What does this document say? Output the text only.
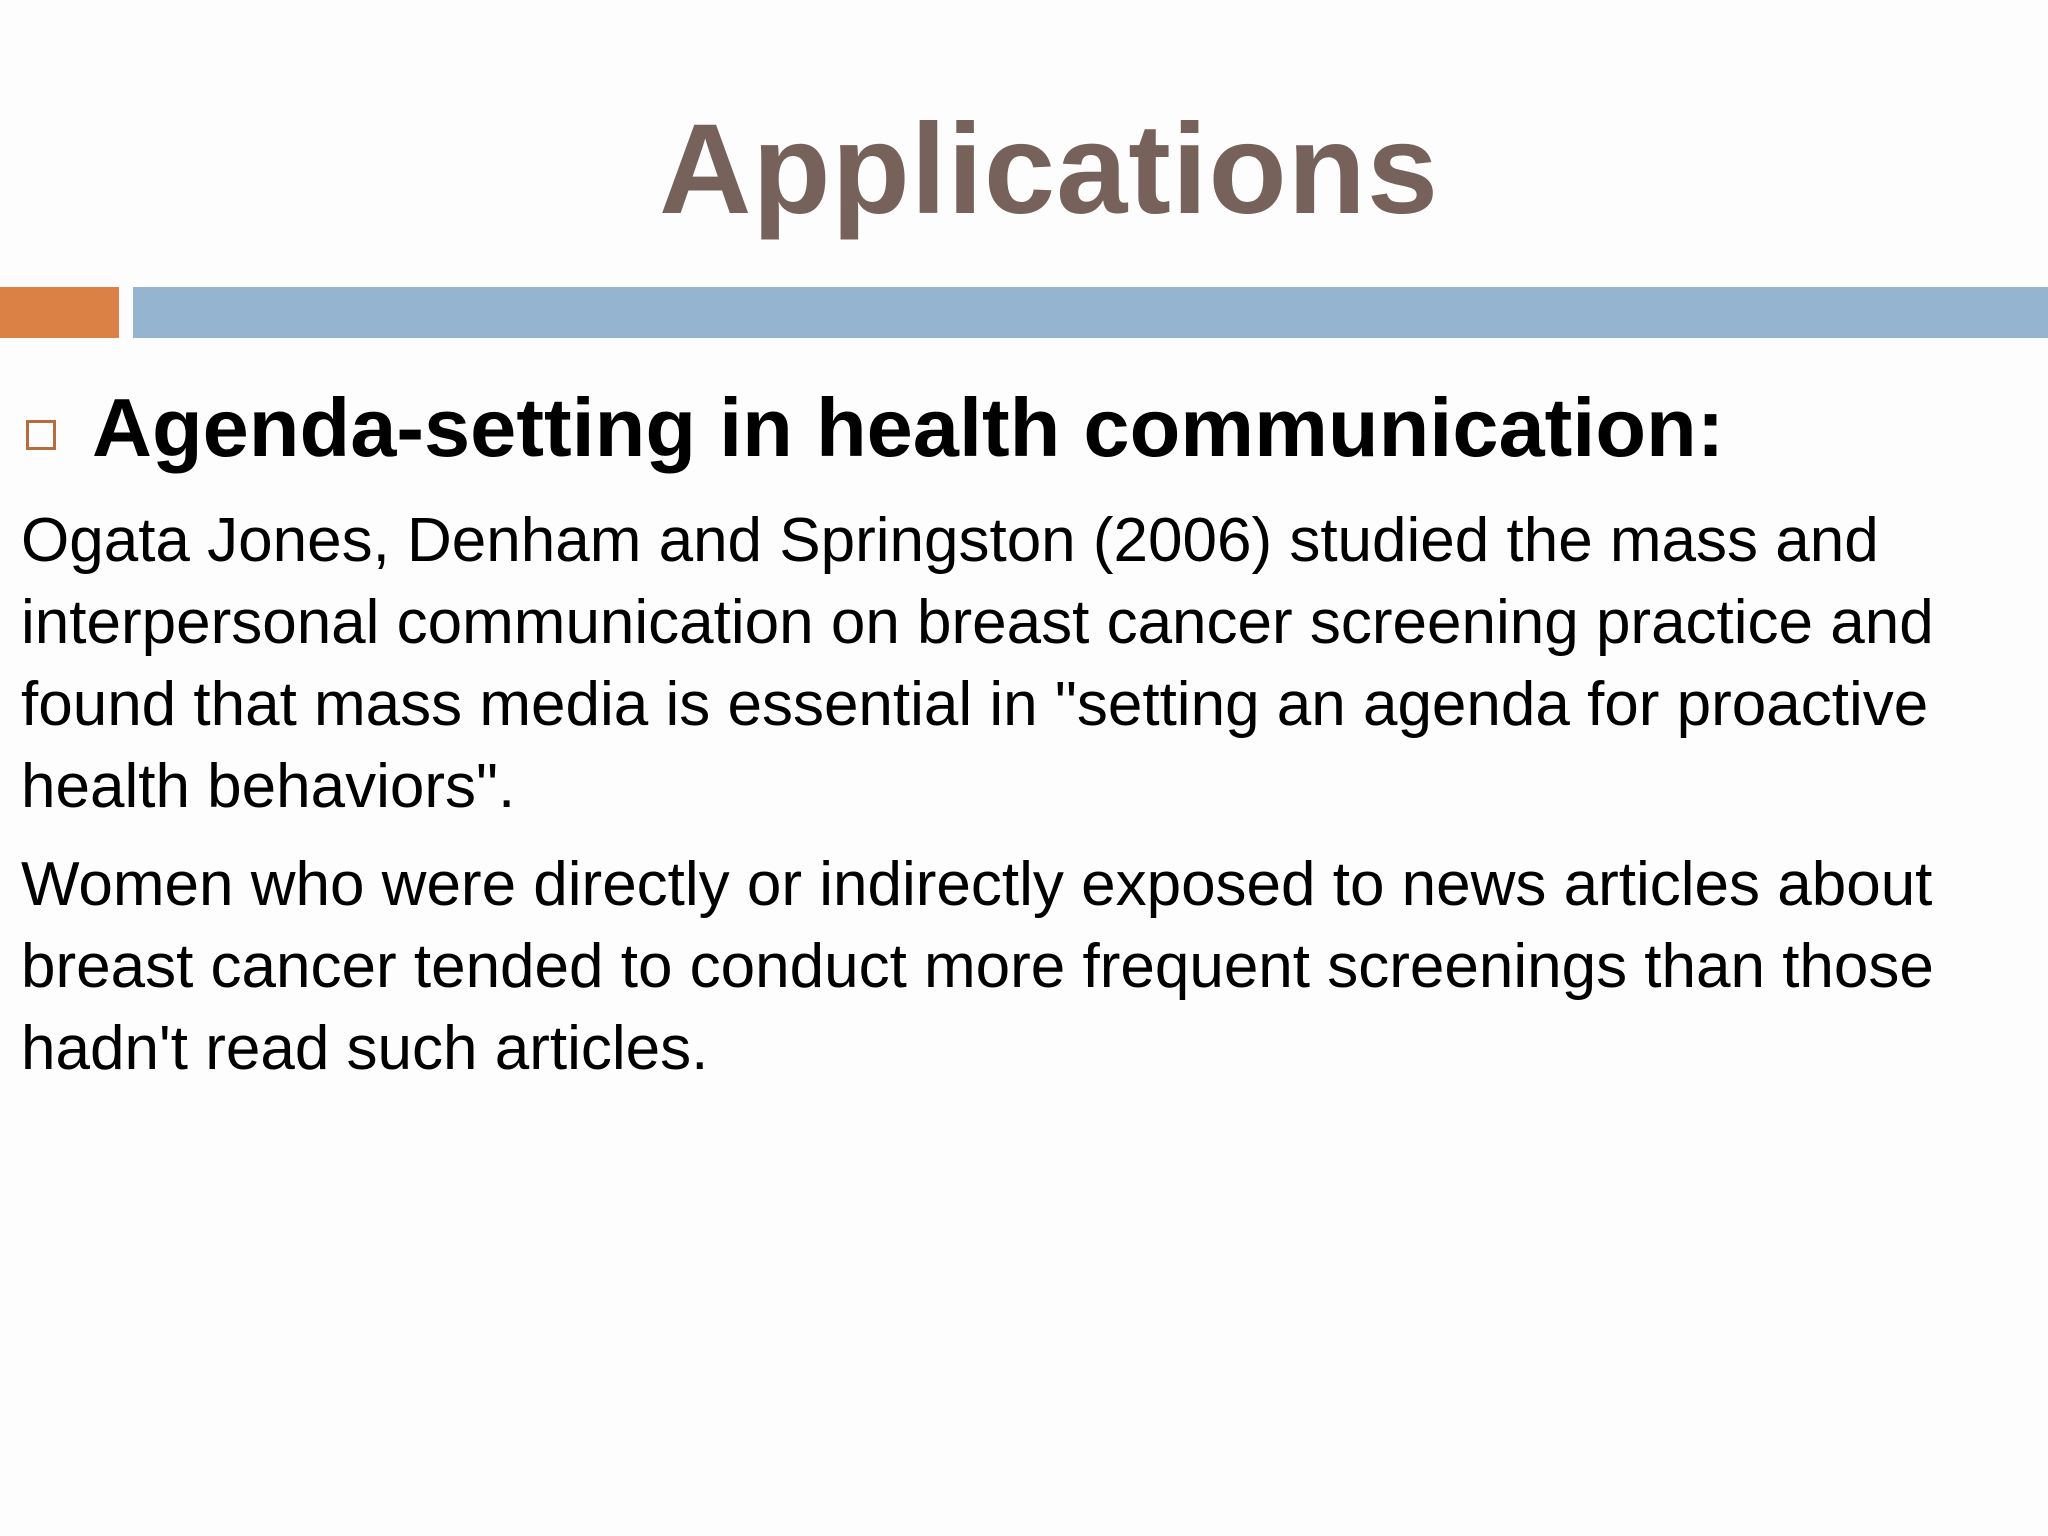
Applications
Agenda-setting in health communication:

Ogata Jones, Denham and Springston (2006) studied the mass and interpersonal communication on breast cancer screening practice and found that mass media is essential in "setting an agenda for proactive health behaviors".

Women who were directly or indirectly exposed to news articles about breast cancer tended to conduct more frequent screenings than those hadn't read such articles.
